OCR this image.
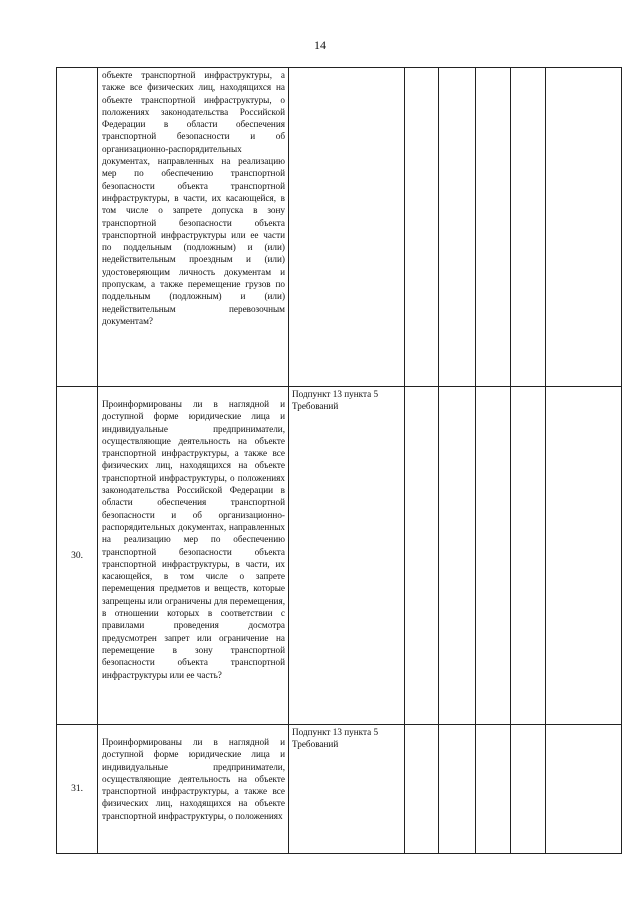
14

	объекте транспортной инфраструктуры, а также все физических лиц, находящихся на объекте транспортной инфраструктуры, о положениях законодательства Российской Федерации в области обеспечения транспортной безопасности и об организационно-распорядительных документах, направленных на реализацию мер по обеспечению транспортной безопасности объекта транспортной инфраструктуры, в части, их касающейся, в том числе о запрете допуска в зону транспортной безопасности объекта транспортной инфраструктуры или ее части по поддельным (подложным) и (или) недействительным проездным и (или) удостоверяющим личность документам и пропускам, а также перемещение грузов по поддельным (подложным) и (или) недействительным перевозочным документам?						

30.	Проинформированы ли в наглядной и доступной форме юридические лица и индивидуальные предприниматели, осуществляющие деятельность на объекте транспортной инфраструктуры, а также все физических лиц, находящихся на объекте транспортной инфраструктуры, о положениях законодательства Российской Федерации в области обеспечения транспортной безопасности и об организационно-распорядительных документах, направленных на реализацию мер по обеспечению транспортной безопасности объекта транспортной инфраструктуры, в части, их касающейся, в том числе о запрете перемещения предметов и веществ, которые запрещены или ограничены для перемещения, в отношении которых в соответствии с правилами проведения досмотра предусмотрен запрет или ограничение на перемещение в зону транспортной безопасности объекта транспортной инфраструктуры или ее часть?	Подпункт 13 пункта 5 Требований					

31.	Проинформированы ли в наглядной и доступной форме юридические лица и индивидуальные предприниматели, осуществляющие деятельность на объекте транспортной инфраструктуры, а также все физических лиц, находящихся на объекте транспортной инфраструктуры, о положениях	Подпункт 13 пункта 5 Требований					
